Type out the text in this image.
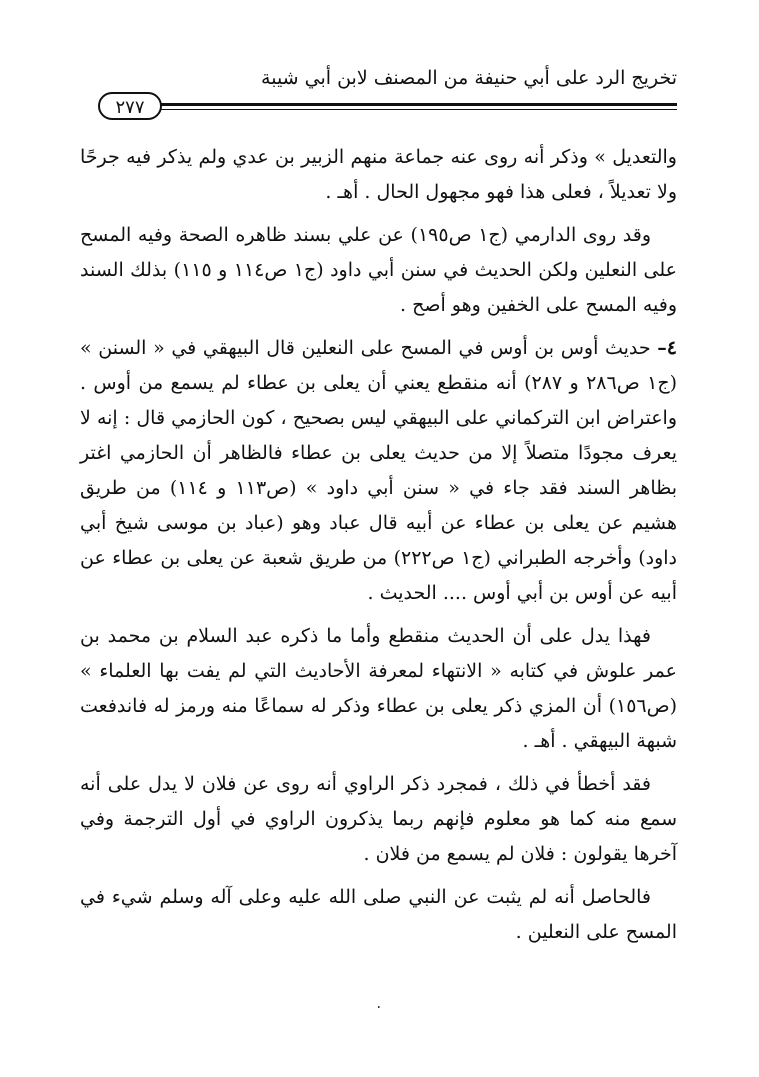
تخريج الرد على أبي حنيفة من المصنف لابن أبي شيبة
٢٧٧

والتعديل » وذكر أنه روى عنه جماعة منهم الزبير بن عدي ولم يذكر فيه جرحًا ولا تعديلاً ، فعلى هذا فهو مجهول الحال . أهـ .

وقد روى الدارمي (ج١ ص١٩٥) عن علي بسند ظاهره الصحة وفيه المسح على النعلين ولكن الحديث في سنن أبي داود (ج١ ص١١٤ و ١١٥) بذلك السند وفيه المسح على الخفين وهو أصح .

٤– حديث أوس بن أوس في المسح على النعلين قال البيهقي في « السنن » (ج١ ص٢٨٦ و ٢٨٧) أنه منقطع يعني أن يعلى بن عطاء لم يسمع من أوس . واعتراض ابن التركماني على البيهقي ليس بصحيح ، كون الحازمي قال : إنه لا يعرف مجودًا متصلاً إلا من حديث يعلى بن عطاء فالظاهر أن الحازمي اغتر بظاهر السند فقد جاء في « سنن أبي داود » (ص١١٣ و ١١٤) من طريق هشيم عن يعلى بن عطاء عن أبيه قال عباد وهو (عباد بن موسى شيخ أبي داود) وأخرجه الطبراني (ج١ ص٢٢٢) من طريق شعبة عن يعلى بن عطاء عن أبيه عن أوس بن أبي أوس .... الحديث .

فهذا يدل على أن الحديث منقطع وأما ما ذكره عبد السلام بن محمد بن عمر علوش في كتابه « الانتهاء لمعرفة الأحاديث التي لم يفت بها العلماء » (ص١٥٦) أن المزي ذكر يعلى بن عطاء وذكر له سماعًا منه ورمز له فاندفعت شبهة البيهقي . أهـ .

فقد أخطأ في ذلك ، فمجرد ذكر الراوي أنه روى عن فلان لا يدل على أنه سمع منه كما هو معلوم فإنهم ربما يذكرون الراوي في أول الترجمة وفي آخرها يقولون : فلان لم يسمع من فلان .

فالحاصل أنه لم يثبت عن النبي صلى الله عليه وعلى آله وسلم شيء في المسح على النعلين .

٠
